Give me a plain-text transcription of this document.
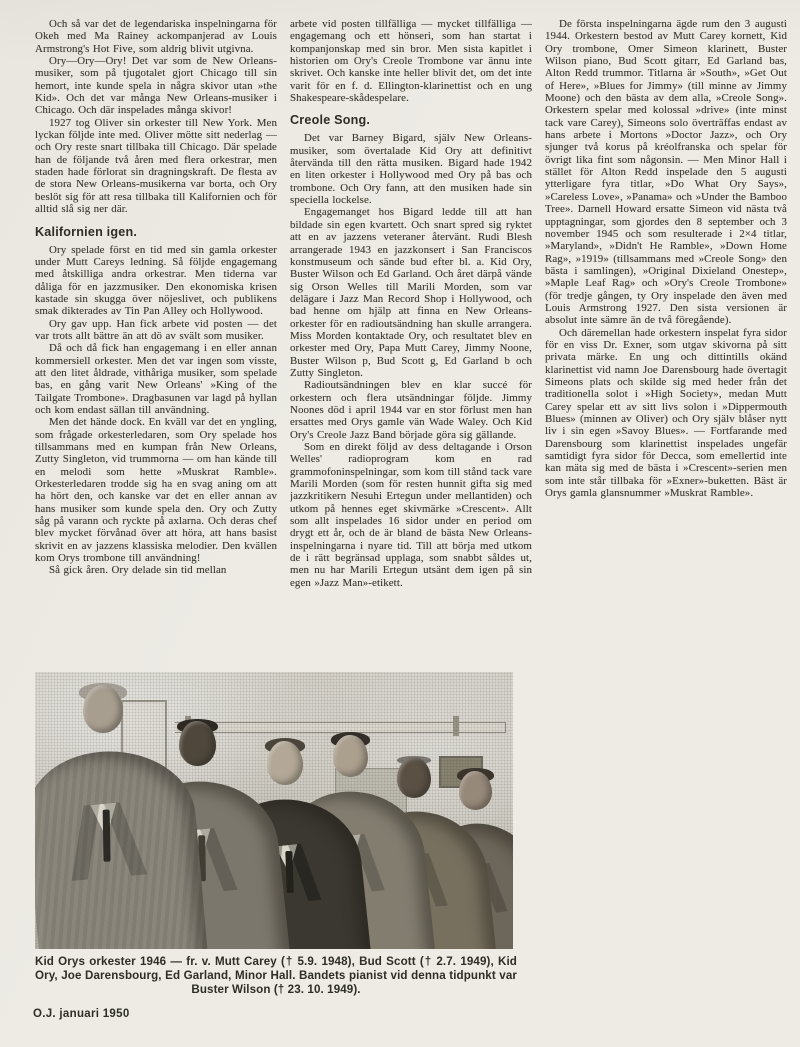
Och så var det de legendariska inspelningarna för Okeh med Ma Rainey ackompanjerad av Louis Armstrong's Hot Five, som aldrig blivit utgivna.

Ory—Ory—Ory! Det var som de New Orleans-musiker, som på tjugotalet gjort Chicago till sin hemort, inte kunde spela in några skivor utan »the Kid». Och det var många New Orleans-musiker i Chicago. Och där inspelades många skivor!

1927 tog Oliver sin orkester till New York. Men lyckan följde inte med. Oliver mötte sitt nederlag — och Ory reste snart tillbaka till Chicago. Där spelade han de följande två åren med flera orkestrar, men staden hade förlorat sin dragningskraft. De flesta av de stora New Orleans-musikerna var borta, och Ory beslöt sig för att resa tillbaka till Kalifornien och för alltid slå sig ner där.

Kalifornien igen.

Ory spelade först en tid med sin gamla orkester under Mutt Careys ledning. Så följde engagemang med åtskilliga andra orkestrar. Men tiderna var dåliga för en jazzmusiker. Den ekonomiska krisen kastade sin skugga över nöjeslivet, och publikens smak dikterades av Tin Pan Alley och Hollywood.

Ory gav upp. Han fick arbete vid posten — det var trots allt bättre än att dö av svält som musiker.

Då och då fick han engagemang i en eller annan kommersiell orkester. Men det var ingen som visste, att den litet åldrade, vithåriga musiker, som spelade bas, en gång varit New Orleans' »King of the Tailgate Trombone». Dragbasunen var lagd på hyllan och kom endast sällan till användning.

Men det hände dock. En kväll var det en yngling, som frågade orkesterledaren, som Ory spelade hos tillsammans med en kumpan från New Orleans, Zutty Singleton, vid trummorna — om han kände till en melodi som hette »Muskrat Ramble». Orkesterledaren trodde sig ha en svag aning om att ha hört den, och kanske var det en eller annan av hans musiker som kunde spela den. Ory och Zutty såg på varann och ryckte på axlarna. Och deras chef blev mycket förvånad över att höra, att hans basist skrivit en av jazzens klassiska melodier. Den kvällen kom Orys trombone till användning!

Så gick åren. Ory delade sin tid mellan

arbete vid posten tillfälliga — mycket tillfälliga — engagemang och ett hönseri, som han startat i kompanjonskap med sin bror. Men sista kapitlet i historien om Ory's Creole Trombone var ännu inte skrivet. Och kanske inte heller blivit det, om det inte varit för en f. d. Ellington-klarinettist och en ung Shakespeare-skådespelare.

Creole Song.

Det var Barney Bigard, själv New Orleans-musiker, som övertalade Kid Ory att definitivt återvända till den rätta musiken. Bigard hade 1942 en liten orkester i Hollywood med Ory på bas och trombone. Och Ory fann, att den musiken hade sin speciella lockelse.

Engagemanget hos Bigard ledde till att han bildade sin egen kvartett. Och snart spred sig ryktet att en av jazzens veteraner återvänt. Rudi Blesh arrangerade 1943 en jazzkonsert i San Franciscos konstmuseum och sände bud efter bl. a. Kid Ory, Buster Wilson och Ed Garland. Och året därpå vände sig Orson Welles till Marili Morden, som var delägare i Jazz Man Record Shop i Hollywood, och bad henne om hjälp att finna en New Orleans-orkester för en radioutsändning han skulle arrangera. Miss Morden kontaktade Ory, och resultatet blev en orkester med Ory, Papa Mutt Carey, Jimmy Noone, Buster Wilson p, Bud Scott g, Ed Garland b och Zutty Singleton.

Radioutsändningen blev en klar succé för orkestern och flera utsändningar följde. Jimmy Noones död i april 1944 var en stor förlust men han ersattes med Orys gamle vän Wade Waley. Och Kid Ory's Creole Jazz Band började göra sig gällande.

Som en direkt följd av dess deltagande i Orson Welles' radioprogram kom en rad grammofoninspelningar, som kom till stånd tack vare Marili Morden (som för resten hunnit gifta sig med jazzkritikern Nesuhi Ertegun under mellantiden) och utkom på hennes eget skivmärke »Crescent». Allt som allt inspelades 16 sidor under en period om drygt ett år, och de är bland de bästa New Orleans-inspelningarna i nyare tid. Till att börja med utkom de i rätt begränsad upplaga, som snabbt såldes ut, men nu har Marili Ertegun utsänt dem igen på sin egen »Jazz Man»-etikett.

De första inspelningarna ägde rum den 3 augusti 1944. Orkestern bestod av Mutt Carey kornett, Kid Ory trombone, Omer Simeon klarinett, Buster Wilson piano, Bud Scott gitarr, Ed Garland bas, Alton Redd trummor. Titlarna är »South», »Get Out of Here», »Blues for Jimmy» (till minne av Jimmy Moone) och den bästa av dem alla, »Creole Song». Orkestern spelar med kolossal »drive» (inte minst tack vare Carey), Simeons solo överträffas endast av hans arbete i Mortons »Doctor Jazz», och Ory sjunger två korus på kréolfranska och spelar för övrigt lika fint som någonsin. — Men Minor Hall i stället för Alton Redd inspelade den 5 augusti ytterligare fyra titlar, »Do What Ory Says», »Careless Love», »Panama» och »Under the Bamboo Tree». Darnell Howard ersatte Simeon vid nästa två upptagningar, som gjordes den 8 september och 3 november 1945 och som resulterade i 2×4 titlar, »Maryland», »Didn't He Ramble», »Down Home Rag», »1919» (tillsammans med »Creole Song» den bästa i samlingen), »Original Dixieland Onestep», »Maple Leaf Rag» och »Ory's Creole Trombone» (för tredje gången, ty Ory inspelade den även med Louis Armstrong 1927. Den sista versionen är absolut inte sämre än de två föregående).

Och däremellan hade orkestern inspelat fyra sidor för en viss Dr. Exner, som utgav skivorna på sitt privata märke. En ung och dittintills okänd klarinettist vid namn Joe Darensbourg hade övertagit Simeons plats och skilde sig med heder från det traditionella solot i »High Society», medan Mutt Carey spelar ett av sitt livs solon i »Dippermouth Blues» (minnen av Oliver) och Ory själv blåser nytt liv i sin egen »Savoy Blues». — Fortfarande med Darensbourg som klarinettist inspelades ungefär samtidigt fyra sidor för Decca, som emellertid inte kan mäta sig med de bästa i »Crescent»-serien men som inte står tillbaka för »Exner»-buketten. Bäst är Orys gamla glansnummer »Muskrat Ramble».

Kid Orys orkester 1946 — fr. v. Mutt Carey († 5.9. 1948), Bud Scott († 2.7. 1949), Kid Ory, Joe Darensbourg, Ed Garland, Minor Hall. Bandets pianist vid denna tidpunkt var Buster Wilson († 23. 10. 1949).

O.J. januari 1950
